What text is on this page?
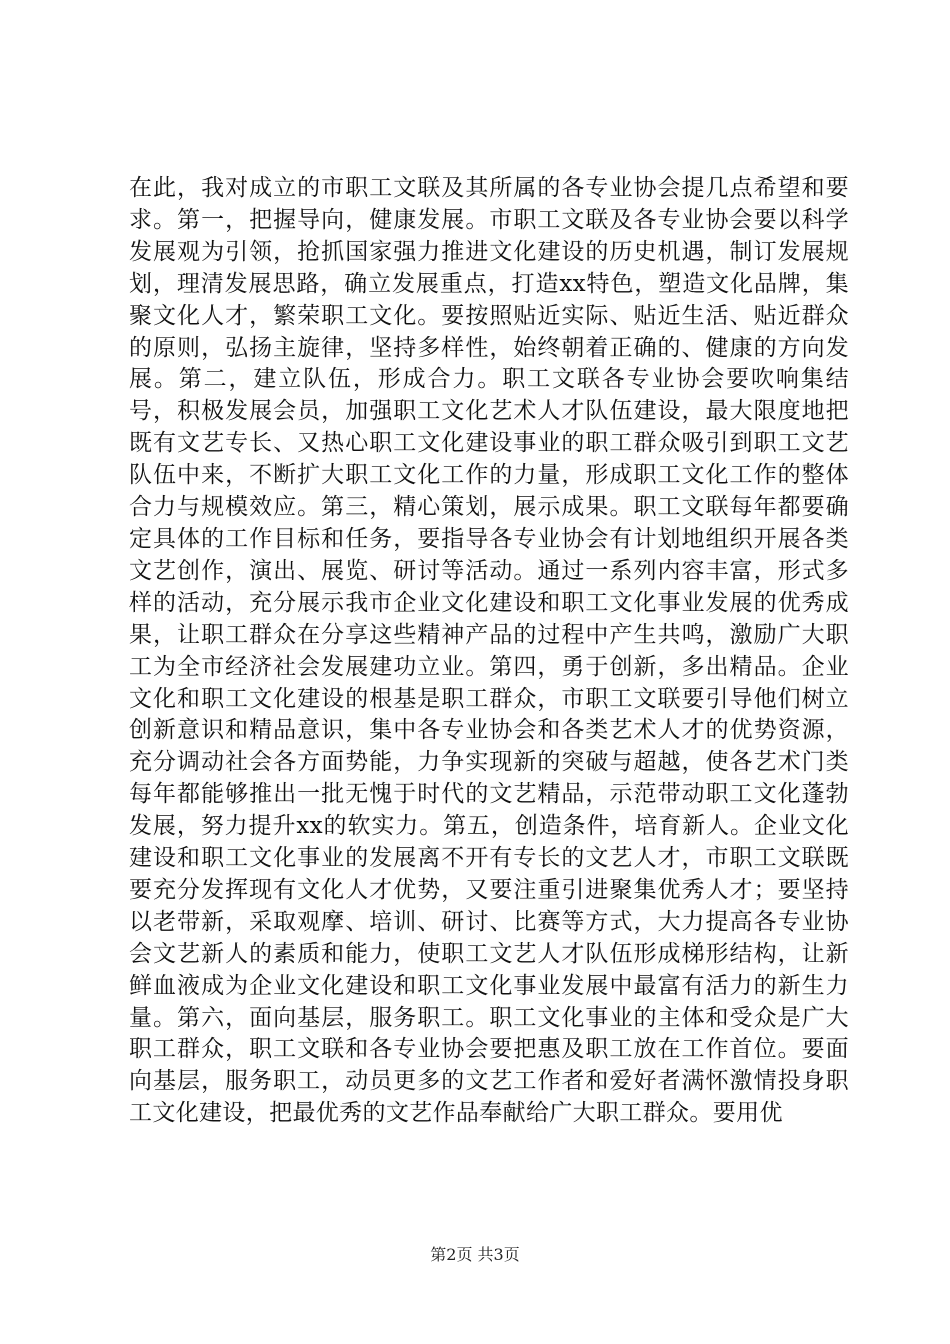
在此，我对成立的市职工文联及其所属的各专业协会提几点希望和要求。第一，把握导向，健康发展。市职工文联及各专业协会要以科学发展观为引领，抢抓国家强力推进文化建设的历史机遇，制订发展规划，理清发展思路，确立发展重点，打造xx特色，塑造文化品牌，集聚文化人才，繁荣职工文化。要按照贴近实际、贴近生活、贴近群众的原则，弘扬主旋律，坚持多样性，始终朝着正确的、健康的方向发展。第二，建立队伍，形成合力。职工文联各专业协会要吹响集结号，积极发展会员，加强职工文化艺术人才队伍建设，最大限度地把既有文艺专长、又热心职工文化建设事业的职工群众吸引到职工文艺队伍中来，不断扩大职工文化工作的力量，形成职工文化工作的整体合力与规模效应。第三，精心策划，展示成果。职工文联每年都要确定具体的工作目标和任务，要指导各专业协会有计划地组织开展各类文艺创作，演出、展览、研讨等活动。通过一系列内容丰富，形式多样的活动，充分展示我市企业文化建设和职工文化事业发展的优秀成果，让职工群众在分享这些精神产品的过程中产生共鸣，激励广大职工为全市经济社会发展建功立业。第四，勇于创新，多出精品。企业文化和职工文化建设的根基是职工群众，市职工文联要引导他们树立创新意识和精品意识，集中各专业协会和各类艺术人才的优势资源，充分调动社会各方面势能，力争实现新的突破与超越，使各艺术门类每年都能够推出一批无愧于时代的文艺精品，示范带动职工文化蓬勃发展，努力提升xx的软实力。第五，创造条件，培育新人。企业文化建设和职工文化事业的发展离不开有专长的文艺人才，市职工文联既要充分发挥现有文化人才优势，又要注重引进聚集优秀人才；要坚持以老带新，采取观摩、培训、研讨、比赛等方式，大力提高各专业协会文艺新人的素质和能力，使职工文艺人才队伍形成梯形结构，让新鲜血液成为企业文化建设和职工文化事业发展中最富有活力的新生力量。第六，面向基层，服务职工。职工文化事业的主体和受众是广大职工群众，职工文联和各专业协会要把惠及职工放在工作首位。要面向基层，服务职工，动员更多的文艺工作者和爱好者满怀激情投身职工文化建设，把最优秀的文艺作品奉献给广大职工群众。要用优

第2页 共3页
